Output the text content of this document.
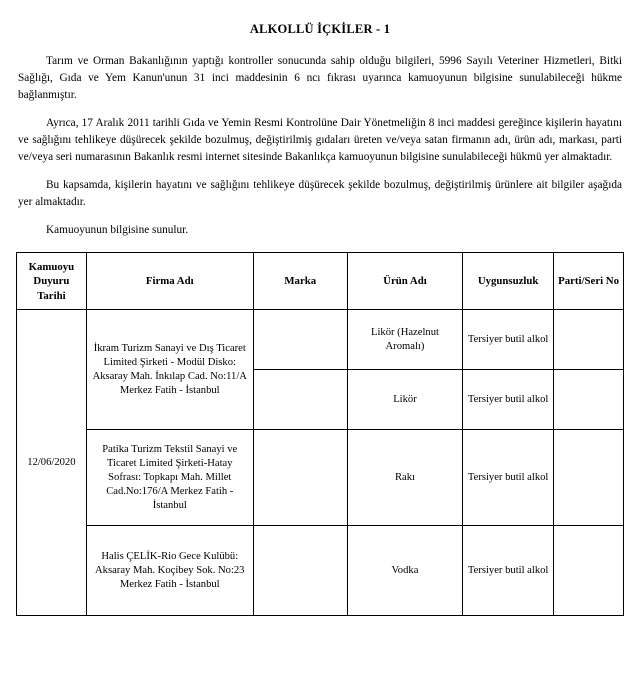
ALKOLLÜ İÇKİLER - 1

Tarım ve Orman Bakanlığının yaptığı kontroller sonucunda sahip olduğu bilgileri, 5996 Sayılı Veteriner Hizmetleri, Bitki Sağlığı, Gıda ve Yem Kanun'unun 31 inci maddesinin 6 ncı fıkrası uyarınca kamuoyunun bilgisine sunulabileceği hükme bağlanmıştır.

Ayrıca, 17 Aralık 2011 tarihli Gıda ve Yemin Resmi Kontrolüne Dair Yönetmeliğin 8 inci maddesi gereğince kişilerin hayatını ve sağlığını tehlikeye düşürecek şekilde bozulmuş, değiştirilmiş gıdaları üreten ve/veya satan firmanın adı, ürün adı, markası, parti ve/veya seri numarasının Bakanlık resmi internet sitesinde Bakanlıkça kamuoyunun bilgisine sunulabileceği hükmü yer almaktadır.

Bu kapsamda, kişilerin hayatını ve sağlığını tehlikeye düşürecek şekilde bozulmuş, değiştirilmiş ürünlere ait bilgiler aşağıda yer almaktadır.

Kamuoyunun bilgisine sunulur.

Kamuoyu Duyuru Tarihi	Firma Adı	Marka	Ürün Adı	Uygunsuzluk	Parti/Seri No
12/06/2020	İkram Turizm Sanayi ve Dış Ticaret Limited Şirketi - Modül Disko: Aksaray Mah. İnkılap Cad. No:11/A Merkez Fatih - İstanbul		Likör (Hazelnut Aromalı)	Tersiyer butil alkol	
			Likör	Tersiyer butil alkol	
	Patika Turizm Tekstil Sanayi ve Ticaret Limited Şirketi-Hatay Sofrası: Topkapı Mah. Millet Cad.No:176/A Merkez Fatih - İstanbul		Rakı	Tersiyer butil alkol	
	Halis ÇELİK-Rio Gece Kulübü: Aksaray Mah. Koçibey Sok. No:23 Merkez Fatih - İstanbul		Vodka	Tersiyer butil alkol	
